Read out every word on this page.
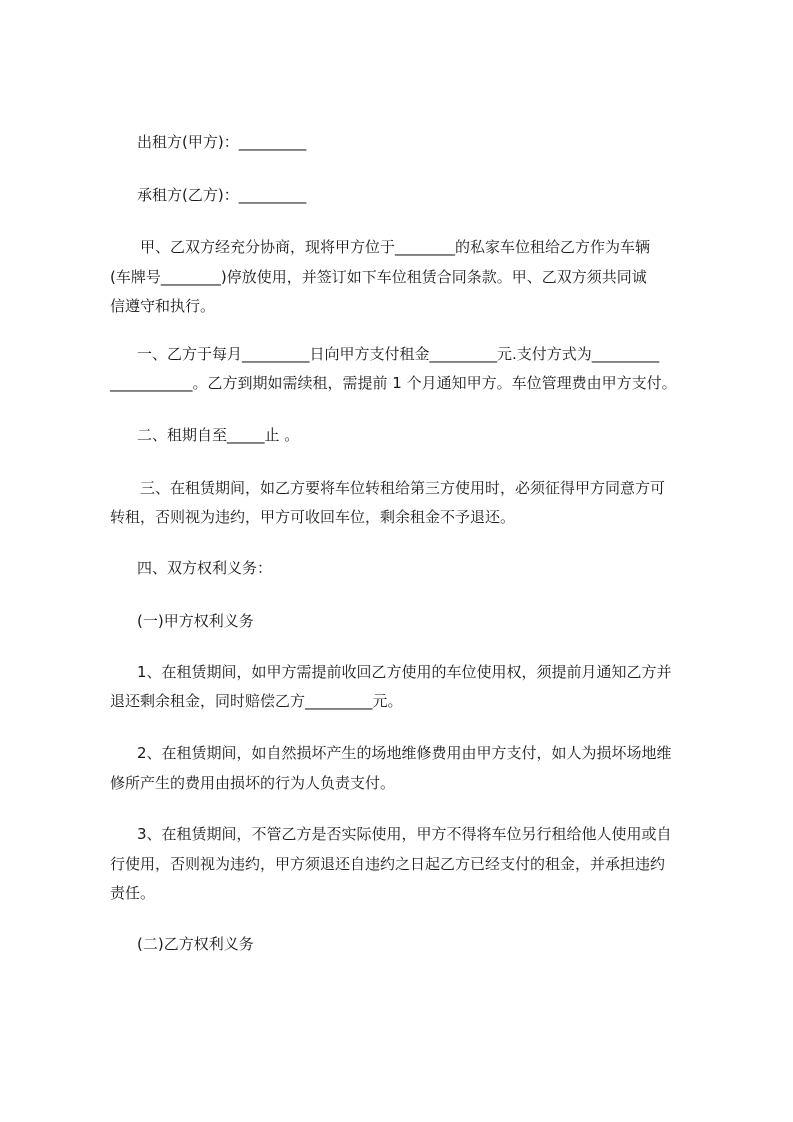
出租方(甲方)：_________
承租方(乙方)：_________
甲、乙双方经充分协商，现将甲方位于________的私家车位租给乙方作为车辆
(车牌号________)停放使用，并签订如下车位租赁合同条款。甲、乙双方须共同诚
信遵守和执行。
一、乙方于每月_________日向甲方支付租金_________元.支付方式为_________
___________。乙方到期如需续租，需提前 1 个月通知甲方。车位管理费由甲方支付。
二、租期自至_____止 。
三、在租赁期间，如乙方要将车位转租给第三方使用时，必须征得甲方同意方可
转租，否则视为违约，甲方可收回车位，剩余租金不予退还。
四、双方权利义务：
(一)甲方权利义务
1、在租赁期间，如甲方需提前收回乙方使用的车位使用权，须提前月通知乙方并
退还剩余租金，同时赔偿乙方_________元。
2、在租赁期间，如自然损坏产生的场地维修费用由甲方支付，如人为损坏场地维
修所产生的费用由损坏的行为人负责支付。
3、在租赁期间，不管乙方是否实际使用，甲方不得将车位另行租给他人使用或自
行使用，否则视为违约，甲方须退还自违约之日起乙方已经支付的租金，并承担违约
责任。
(二)乙方权利义务
